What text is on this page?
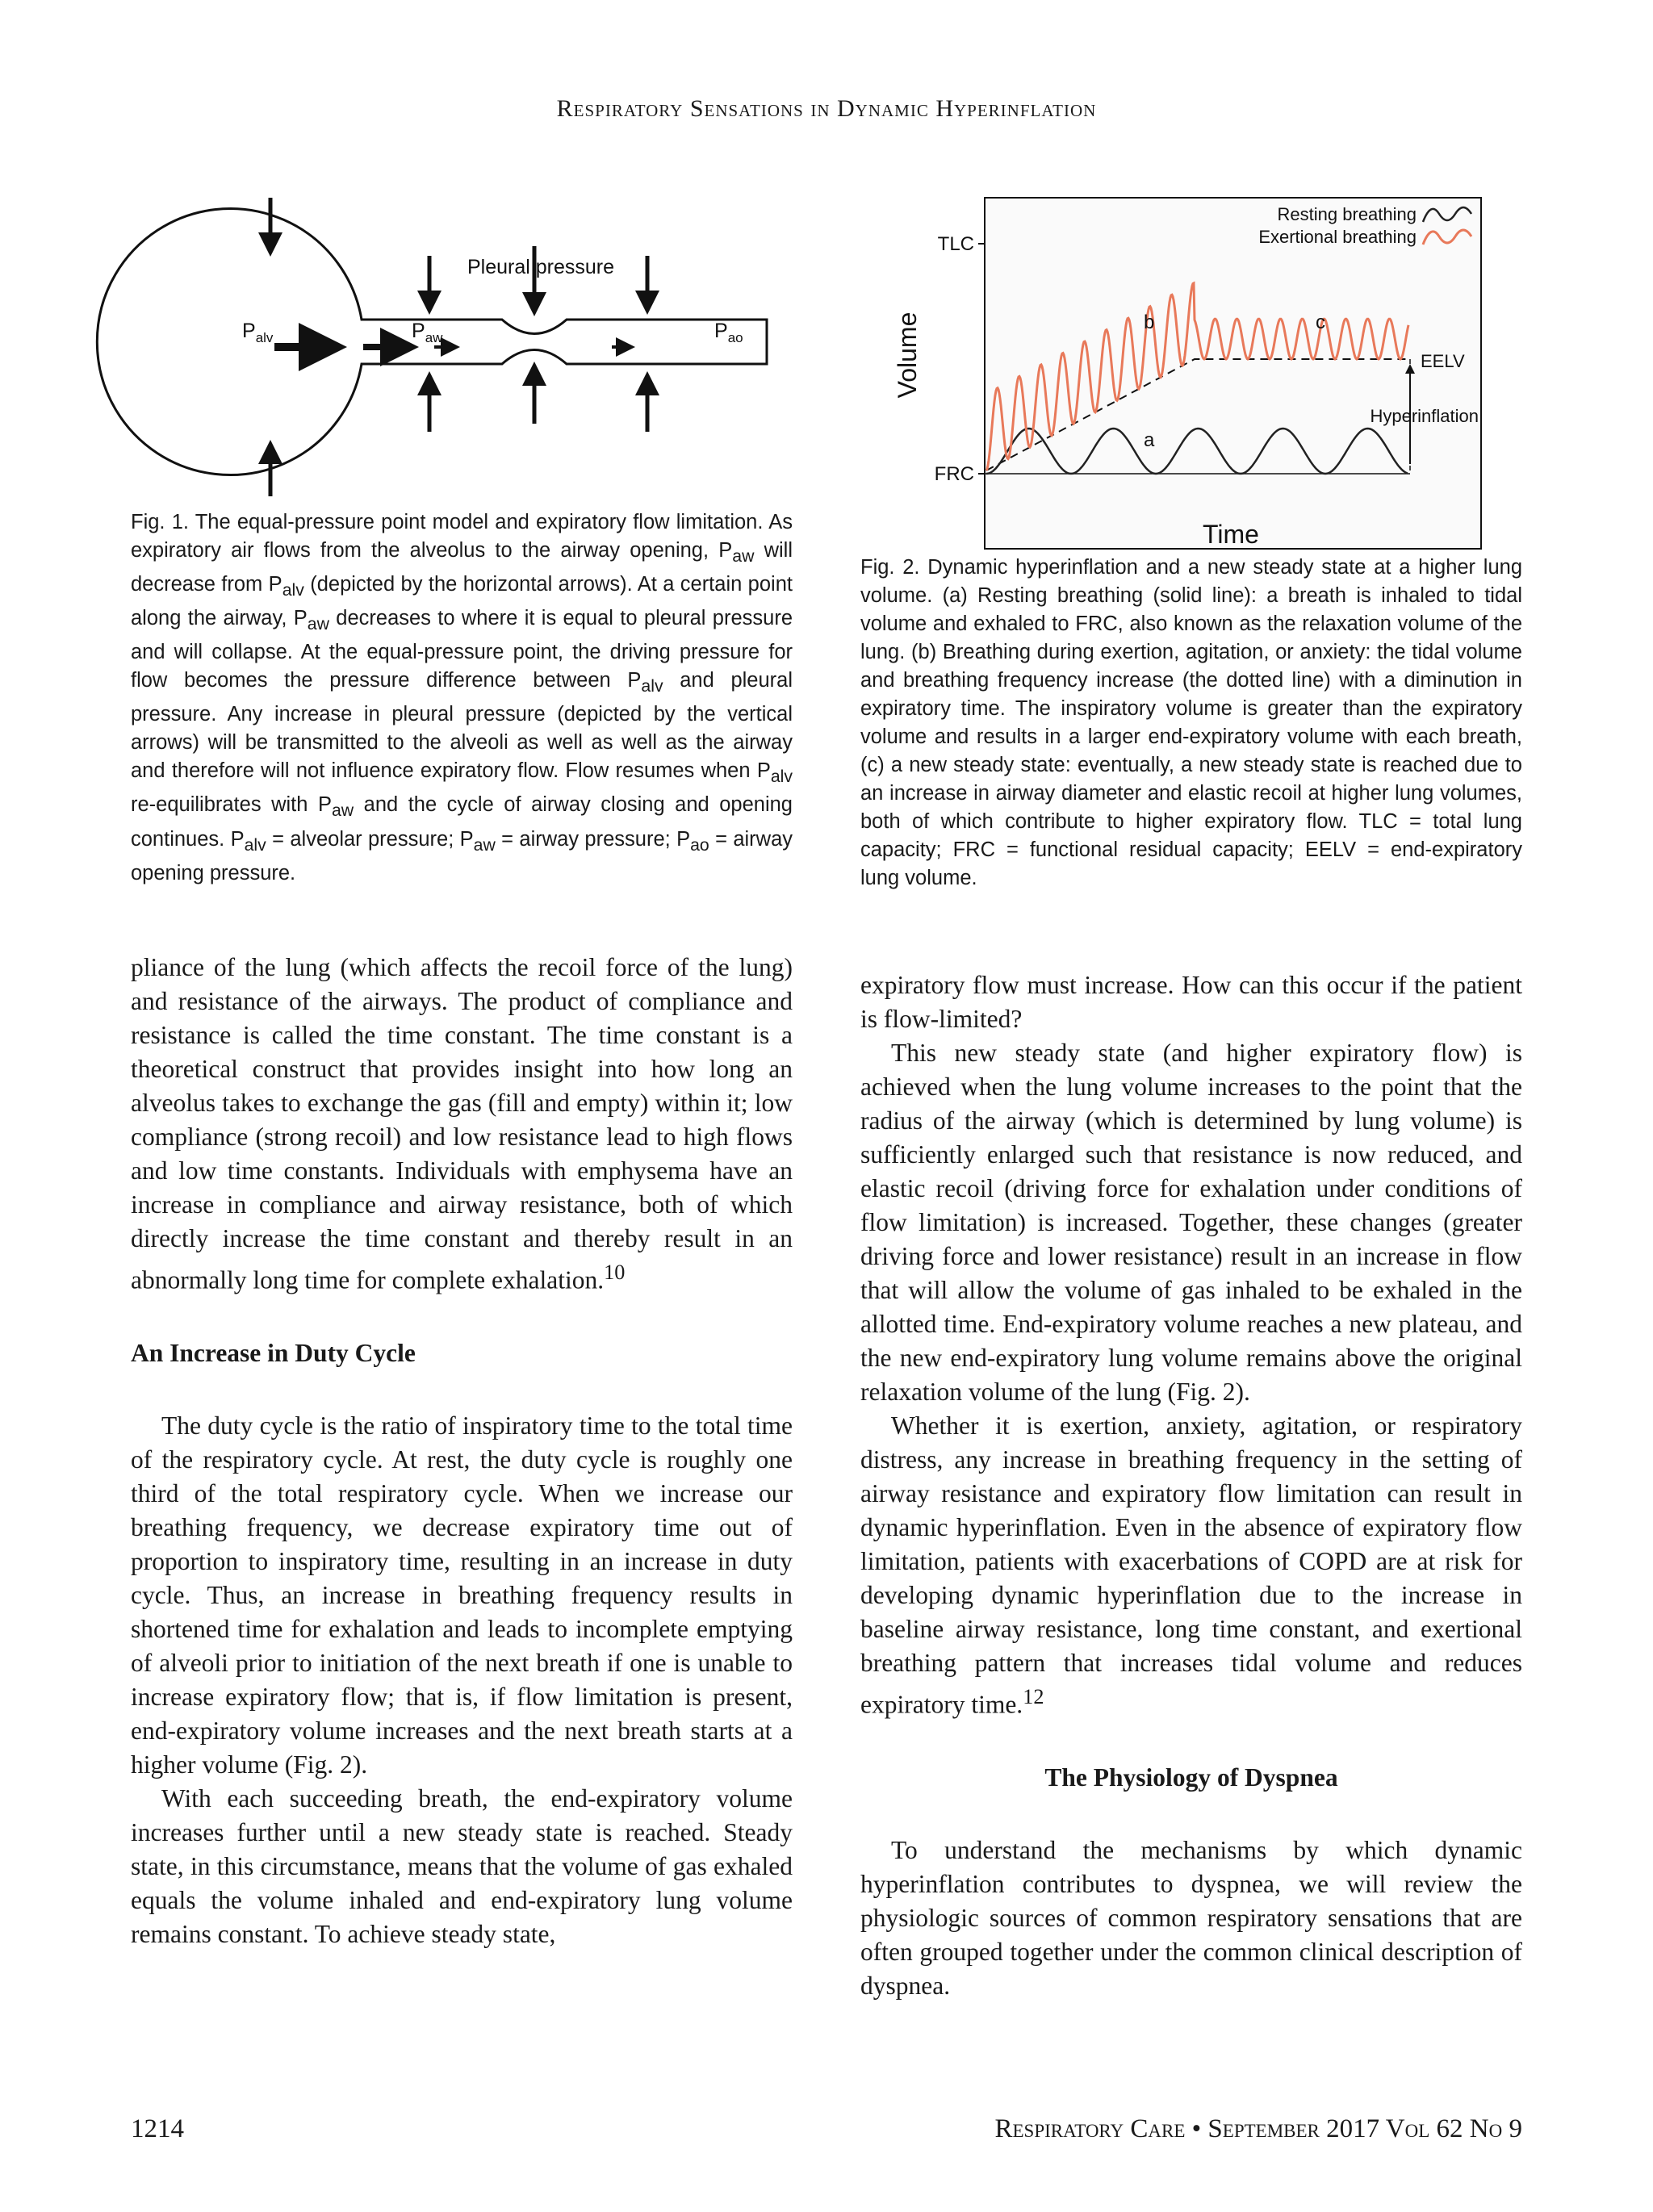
Respiratory Sensations in Dynamic Hyperinflation
Pleural pressure
$P_{alv}$	$P_{aw}$	$P_{ao}$
Fig. 1. The equal-pressure point model and expiratory flow limitation. As expiratory air flows from the alveolus to the airway opening, $P_{aw}$ will decrease from $P_{alv}$ (depicted by the horizontal arrows). At a certain point along the airway, $P_{aw}$ decreases to where it is equal to pleural pressure and will collapse. At the equal-pressure point, the driving pressure for flow becomes the pressure difference between $P_{alv}$ and pleural pressure. Any increase in pleural pressure (depicted by the vertical arrows) will be transmitted to the alveoli as well as well as the airway and therefore will not influence expiratory flow. Flow resumes when $P_{alv}$ re-equilibrates with $P_{aw}$ and the cycle of airway closing and opening continues. $P_{alv}$ = alveolar pressure; $P_{aw}$ = airway pressure; $P_{ao}$ = airway opening pressure.
TLC
FRC
Volume
Time
EELV
Hyperinflation
a
b	c
Resting breathing
Exertional breathing
Fig. 2. Dynamic hyperinflation and a new steady state at a higher lung volume. (a) Resting breathing (solid line): a breath is inhaled to tidal volume and exhaled to FRC, also known as the relaxation volume of the lung. (b) Breathing during exertion, agitation, or anxiety: the tidal volume and breathing frequency increase (the dotted line) with a diminution in expiratory time. The inspiratory volume is greater than the expiratory volume and results in a larger end-expiratory volume with each breath, (c) a new steady state: eventually, a new steady state is reached due to an increase in airway diameter and elastic recoil at higher lung volumes, both of which contribute to higher expiratory flow. TLC = total lung capacity; FRC = functional residual capacity; EELV = end-expiratory lung volume.

pliance of the lung (which affects the recoil force of the lung) and resistance of the airways. The product of compliance and resistance is called the time constant. The time constant is a theoretical construct that provides insight into how long an alveolus takes to exchange the gas (fill and empty) within it; low compliance (strong recoil) and low resistance lead to high flows and low time constants. Individuals with emphysema have an increase in compliance and airway resistance, both of which directly increase the time constant and thereby result in an abnormally long time for complete exhalation.$^{10}$

An Increase in Duty Cycle

The duty cycle is the ratio of inspiratory time to the total time of the respiratory cycle. At rest, the duty cycle is roughly one third of the total respiratory cycle. When we increase our breathing frequency, we decrease expiratory time out of proportion to inspiratory time, resulting in an increase in duty cycle. Thus, an increase in breathing frequency results in shortened time for exhalation and leads to incomplete emptying of alveoli prior to initiation of the next breath if one is unable to increase expiratory flow; that is, if flow limitation is present, end-expiratory volume increases and the next breath starts at a higher volume (Fig. 2).

With each succeeding breath, the end-expiratory volume increases further until a new steady state is reached. Steady state, in this circumstance, means that the volume of gas exhaled equals the volume inhaled and end-expiratory lung volume remains constant. To achieve steady state,

expiratory flow must increase. How can this occur if the patient is flow-limited?

This new steady state (and higher expiratory flow) is achieved when the lung volume increases to the point that the radius of the airway (which is determined by lung volume) is sufficiently enlarged such that resistance is now reduced, and elastic recoil (driving force for exhalation under conditions of flow limitation) is increased. Together, these changes (greater driving force and lower resistance) result in an increase in flow that will allow the volume of gas inhaled to be exhaled in the allotted time. End-expiratory volume reaches a new plateau, and the new end-expiratory lung volume remains above the original relaxation volume of the lung (Fig. 2).

Whether it is exertion, anxiety, agitation, or respiratory distress, any increase in breathing frequency in the setting of airway resistance and expiratory flow limitation can result in dynamic hyperinflation. Even in the absence of expiratory flow limitation, patients with exacerbations of COPD are at risk for developing dynamic hyperinflation due to the increase in baseline airway resistance, long time constant, and exertional breathing pattern that increases tidal volume and reduces expiratory time.$^{12}$

The Physiology of Dyspnea

To understand the mechanisms by which dynamic hyperinflation contributes to dyspnea, we will review the physiologic sources of common respiratory sensations that are often grouped together under the common clinical description of dyspnea.

1214	Respiratory Care • September 2017 Vol 62 No 9
